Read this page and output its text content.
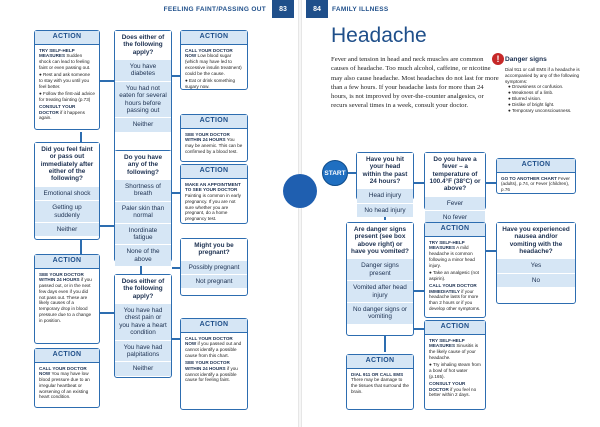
FEELING FAINT/PASSING OUT	83	84	FAMILY ILLNESS
ACTION

TRY SELF-HELP MEASURES Sudden shock can lead to feeling faint or even passing out.

● Rest and ask someone to stay with you until you feel better.

● Follow the first-aid advice for treating fainting (p.73)

CONSULT YOUR DOCTOR if it happens again.

Does either of the following apply?
You have diabetes
You had not eaten for several hours before passing out
Neither
ACTION

CALL YOUR DOCTOR NOW Low blood sugar (which may have led to excessive insulin treatment) could be the cause.

● Eat or drink something sugary now.

Did you feel faint or pass out immediately after either of the following?
Emotional shock
Getting up suddenly
Neither
Do you have any of the following?
Shortness of breath
Paler skin than normal
Inordinate fatigue
None of the above
ACTION

SEE YOUR DOCTOR WITHIN 24 HOURS You may be anemic. This can be confirmed by a blood test.

ACTION

MAKE AN APPOINTMENT TO SEE YOUR DOCTOR Fainting is common in early pregnancy. If you are not sure whether you are pregnant, do a home pregnancy test.

Might you be pregnant?
Possibly pregnant
Not pregnant
ACTION

SEE YOUR DOCTOR WITHIN 24 HOURS if you passed out, or in the next few days even if you did not pass out. These are likely causes of a temporary drop in blood pressure due to a change in position.

Does either of the following apply?
You have had chest pain or you have a heart condition
You have had palpitations
Neither
ACTION

CALL YOUR DOCTOR NOW You may have low blood pressure due to an irregular heartbeat or worsening of an existing heart condition.

ACTION

CALL YOUR DOCTOR NOW if you passed out and cannot identify a possible cause from this chart.

SEE YOUR DOCTOR WITHIN 24 HOURS if you cannot identify a possible cause for feeling faint.

Headache
Fever and tension in head and neck muscles are common causes of headache. Too much alcohol, caffeine, or nicotine may also cause headache. Most headaches do not last for more than a few hours. If your headache lasts for more than 24 hours, is not improved by over-the-counter analgesics, or recurs several times in a week, consult your doctor.
! Danger signs
Dial 911 or call EMS if a headache is accompanied by any of the following symptoms:
● Drowsiness or confusion.
● Weakness of a limb.
● Blurred vision.
● Dislike of bright light.
● Temporary unconsciousness.
START
Have you hit your head within the past 24 hours?
Head injury
No head injury
Do you have a fever – a temperature of 100.4°F (38°C) or above?
Fever
No fever
ACTION

GO TO ANOTHER CHART Fever (adults), p.74, or Fever (children), p.76

Are danger signs present (see box above right) or have you vomited?
Danger signs present
Vomited after head injury
No danger signs or vomiting
ACTION

TRY SELF-HELP MEASURES A mild headache is common following a minor head injury.

● Take an analgesic (not aspirin).

CALL YOUR DOCTOR IMMEDIATELY if your headache lasts for more than 2 hours or if you develop other symptoms.

Have you experienced nausea and/or vomiting with the headache?
Yes
No
ACTION

DIAL 911 OR CALL EMS There may be damage to the tissues that surround the brain.

ACTION

TRY SELF-HELP MEASURES Sinusitis is the likely cause of your headache.

● Try inhaling steam from a bowl of hot water (p.165).

CONSULT YOUR DOCTOR if you feel no better within 2 days.
